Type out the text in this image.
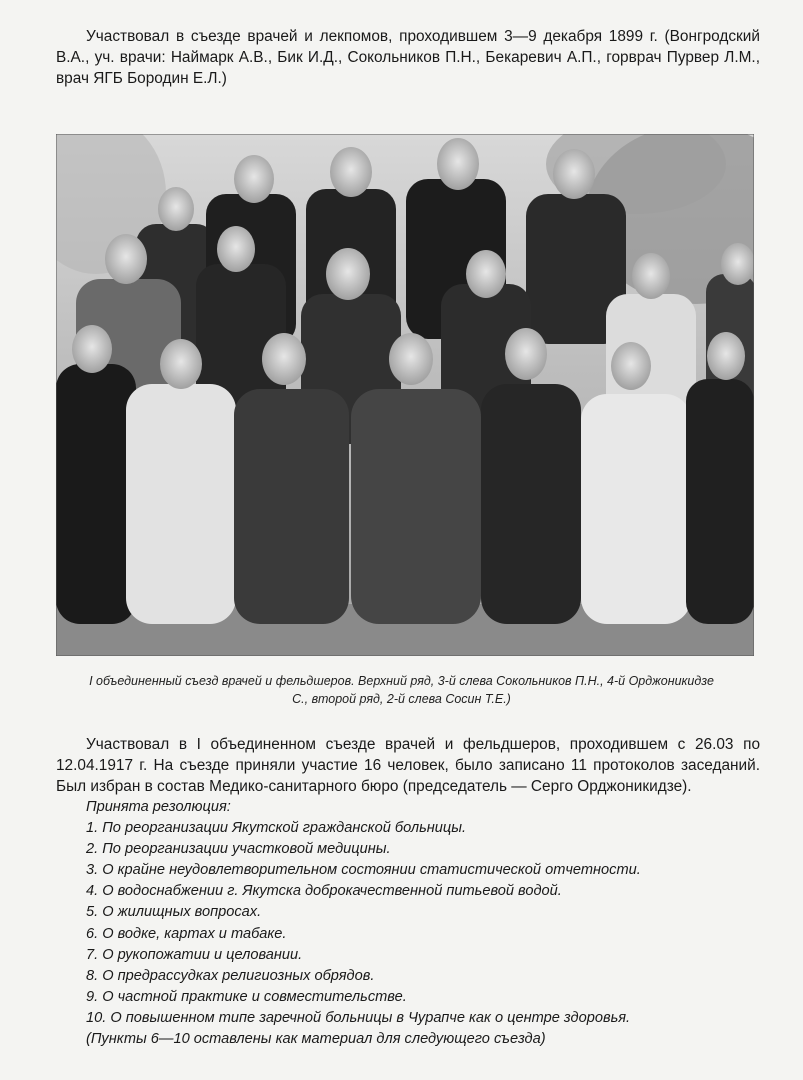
Участвовал в съезде врачей и лекпомов, проходившем 3—9 декабря 1899 г. (Вонгродский В.А., уч. врачи: Наймарк А.В., Бик И.Д., Сокольников П.Н., Бекаревич А.П., горврач Пурвер Л.М., врач ЯГБ Бородин Е.Л.)

I объединенный съезд врачей и фельдшеров. Верхний ряд, 3-й слева Сокольников П.Н., 4-й Орджоникидзе С., второй ряд, 2-й слева Сосин Т.Е.)

Участвовал в I объединенном съезде врачей и фельдшеров, проходившем с 26.03 по 12.04.1917 г. На съезде приняли участие 16 человек, было записано 11 протоколов заседаний. Был избран в состав Медико-санитарного бюро (председатель — Серго Орджоникидзе).

Принята резолюция:
1. По реорганизации Якутской гражданской больницы.
2. По реорганизации участковой медицины.
3. О крайне неудовлетворительном состоянии статистической отчетности.
4. О водоснабжении г. Якутска доброкачественной питьевой водой.
5. О жилищных вопросах.
6. О водке, картах и табаке.
7. О рукопожатии и целовании.
8. О предрассудках религиозных обрядов.
9. О частной практике и совместительстве.
10. О повышенном типе заречной больницы в Чурапче как о центре здоровья.
(Пункты 6—10 оставлены как материал для следующего съезда)
